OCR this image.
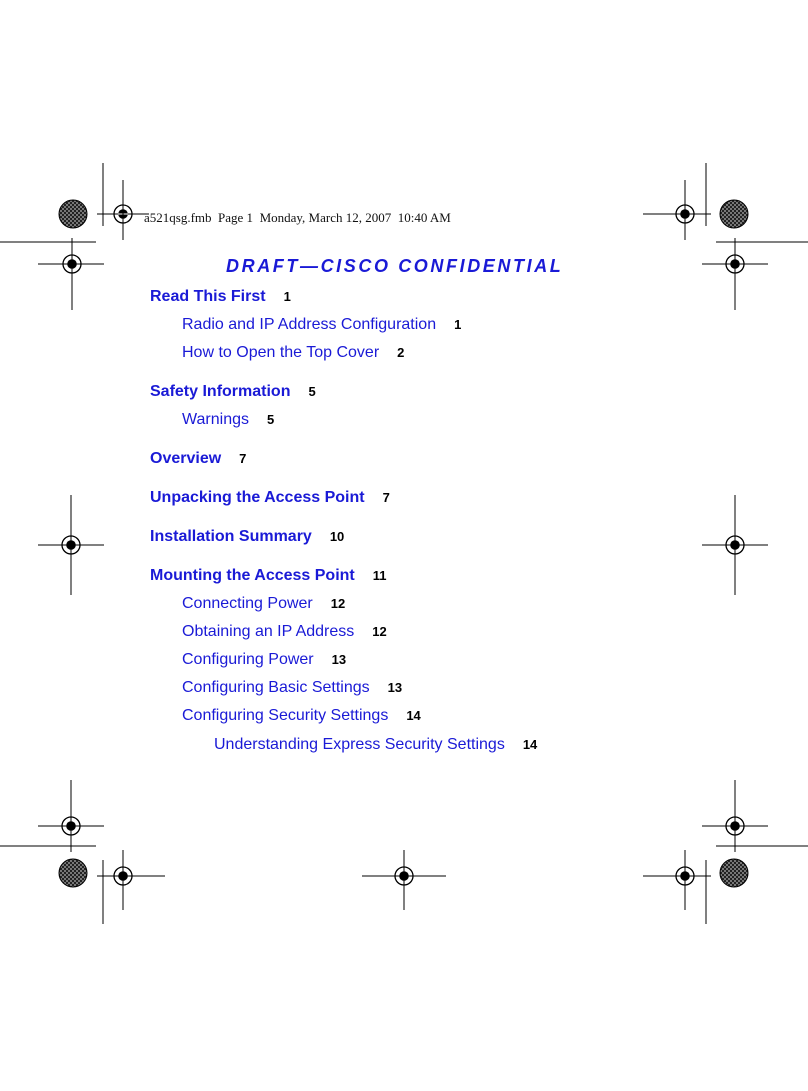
a521qsg.fmb Page 1 Monday, March 12, 2007  10:40 AM
DRAFT—CISCO CONFIDENTIAL
Read This First 1
Radio and IP Address Configuration 1
How to Open the Top Cover 2
Safety Information 5
Warnings 5
Overview 7
Unpacking the Access Point 7
Installation Summary 10
Mounting the Access Point 11
Connecting Power 12
Obtaining an IP Address 12
Configuring Power 13
Configuring Basic Settings 13
Configuring Security Settings 14
Understanding Express Security Settings 14
